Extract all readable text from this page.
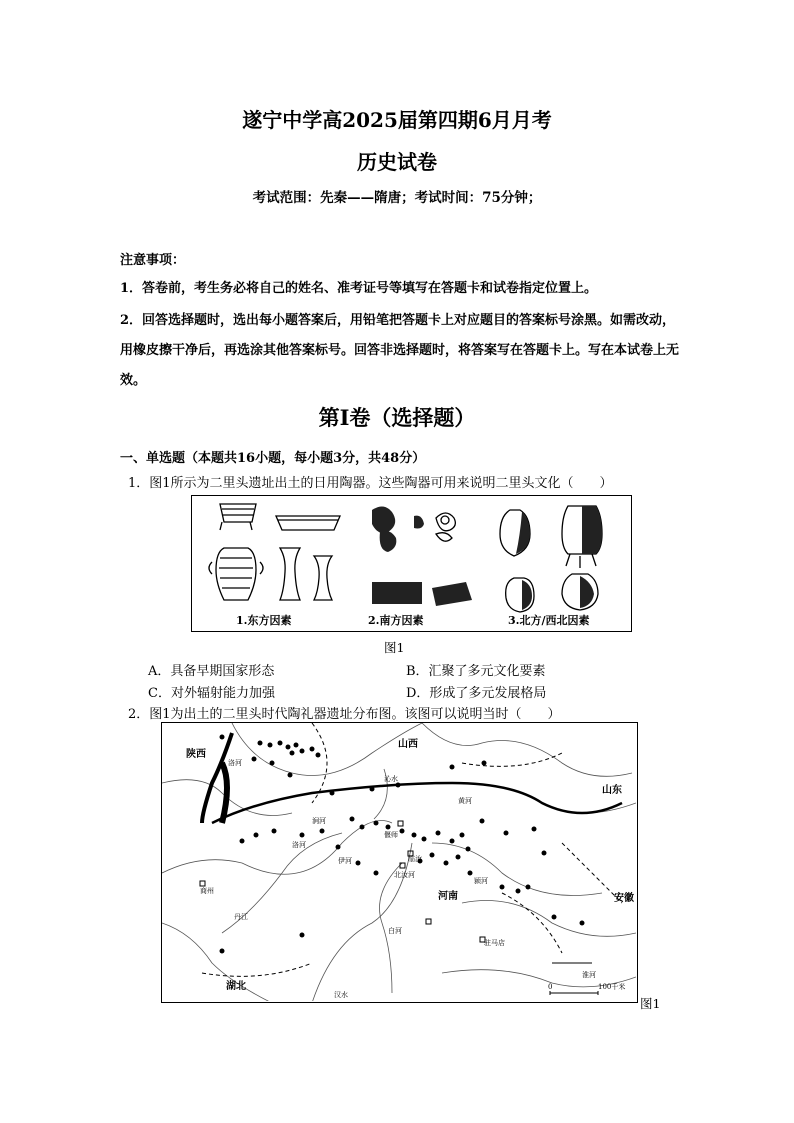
遂宁中学高2025届第四期6月月考
历史试卷
考试范围：先秦——隋唐；考试时间：75分钟；
注意事项：
1．答卷前，考生务必将自己的姓名、准考证号等填写在答题卡和试卷指定位置上。
2．回答选择题时，选出每小题答案后，用铅笔把答题卡上对应题目的答案标号涂黑。如需改动，用橡皮擦干净后，再选涂其他答案标号。回答非选择题时，将答案写在答题卡上。写在本试卷上无效。
第I卷（选择题）
一、单选题（本题共16小题，每小题3分，共48分）
1．图1所示为二里头遗址出土的日用陶器。这些陶器可用来说明二里头文化（　　）
1.东方因素	2.南方因素	3.北方/西北因素
图1
A．具备早期国家形态	B．汇聚了多元文化要素
C．对外辐射能力加强	D．形成了多元发展格局
2．图1为出土的二里头时代陶礼器遗址分布图。该图可以说明当时（　　）
陕西
山西
山东
河南	安徽
湖北
偃师
临汝
驻马店
商州
洛河
沁水
黄河
涧河
洛河
伊河
北汝河
颍河
丹江
白河
汉水
淮河
0	100千米
图1
